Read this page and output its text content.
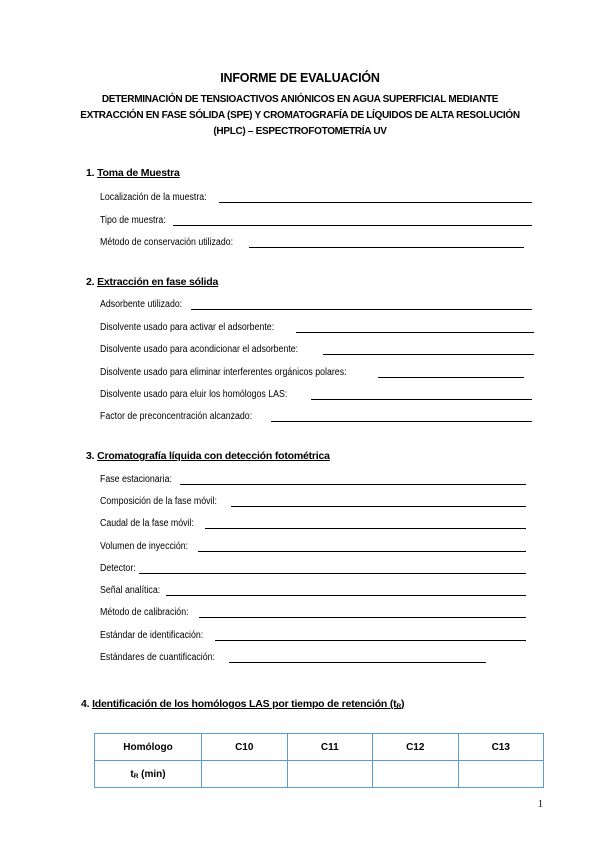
INFORME DE EVALUACIÓN
DETERMINACIÓN DE TENSIOACTIVOS ANIÓNICOS EN AGUA SUPERFICIAL MEDIANTE EXTRACCIÓN EN FASE SÓLIDA (SPE) Y CROMATOGRAFÍA DE LÍQUIDOS DE ALTA RESOLUCIÓN (HPLC) – ESPECTROFOTOMETRÍA UV
1. Toma de Muestra
Localización de la muestra:
Tipo de muestra:
Método de conservación utilizado:
2. Extracción en fase sólida
Adsorbente utilizado:
Disolvente usado para activar el adsorbente:
Disolvente usado para acondicionar el adsorbente:
Disolvente usado para eliminar interferentes orgánicos polares:
Disolvente usado para eluir los homólogos LAS:
Factor de preconcentración alcanzado:
3. Cromatografía líquida con detección fotométrica
Fase estacionaria:
Composición de la fase móvil:
Caudal de la fase móvil:
Volumen de inyección:
Detector:
Señal analítica:
Método de calibración:
Estándar de identificación:
Estándares de cuantificación:
4. Identificación de los homólogos LAS por tiempo de retención $(t_R)$
Homólogo	C10	C11	C12	C13
$t_R$ (min)				
1
